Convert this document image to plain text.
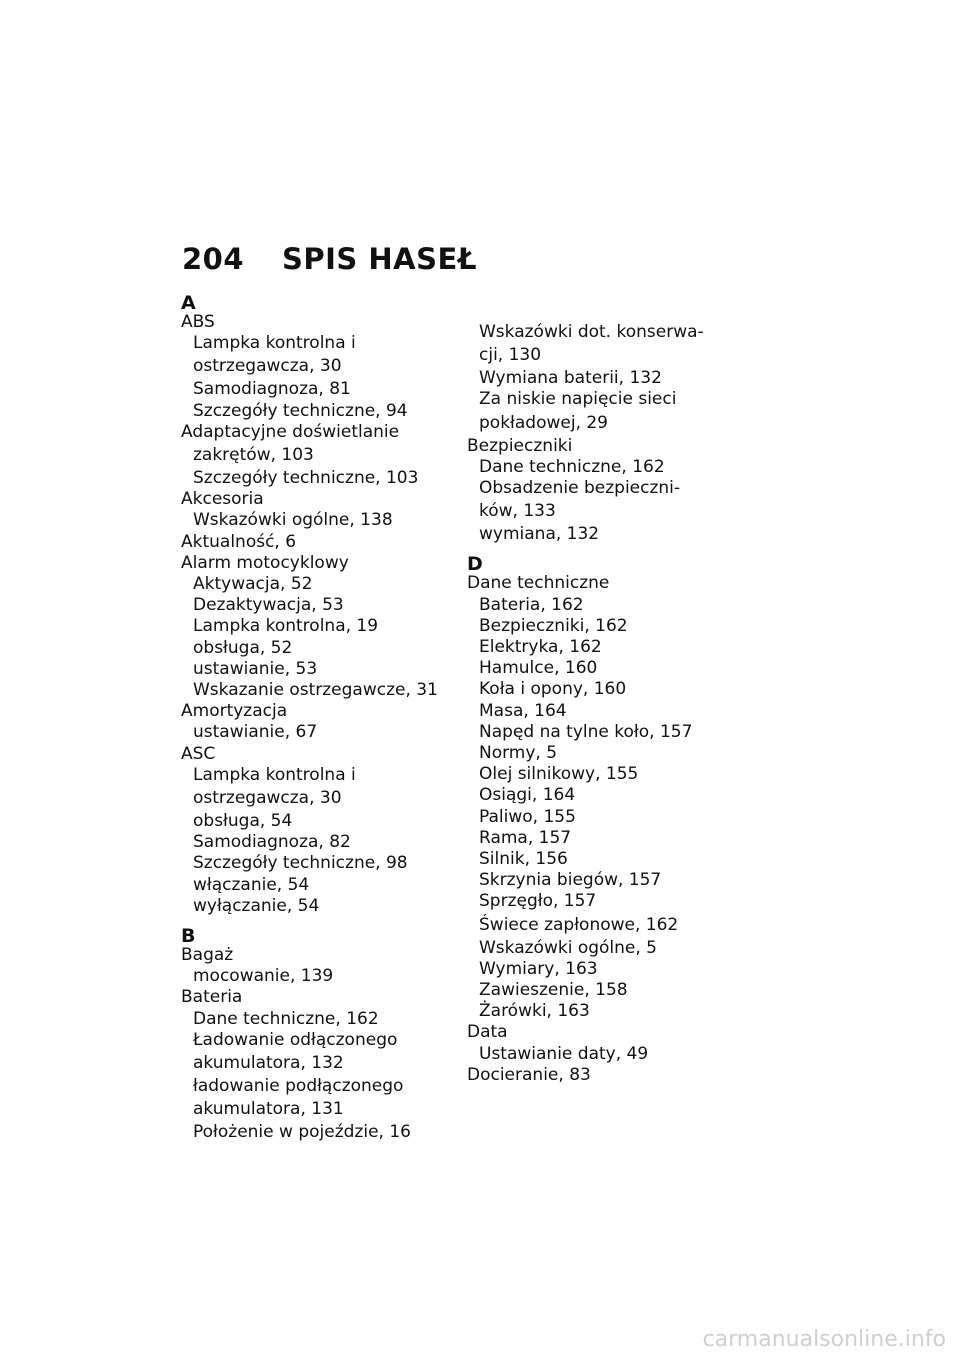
204	SPIS HASEŁ
A
ABS
Lampka kontrolna i
ostrzegawcza, 30
Samodiagnoza, 81
Szczegóły techniczne, 94
Adaptacyjne doświetlanie
zakrętów, 103
Szczegóły techniczne, 103
Akcesoria
Wskazówki ogólne, 138
Aktualność, 6
Alarm motocyklowy
Aktywacja, 52
Dezaktywacja, 53
Lampka kontrolna, 19
obsługa, 52
ustawianie, 53
Wskazanie ostrzegawcze, 31
Amortyzacja
ustawianie, 67
ASC
Lampka kontrolna i
ostrzegawcza, 30
obsługa, 54
Samodiagnoza, 82
Szczegóły techniczne, 98
włączanie, 54
wyłączanie, 54
B
Bagaż
mocowanie, 139
Bateria
Dane techniczne, 162
Ładowanie odłączonego
akumulatora, 132
ładowanie podłączonego
akumulatora, 131
Położenie w pojeździe, 16
Wskazówki dot. konserwa-
cji, 130
Wymiana baterii, 132
Za niskie napięcie sieci
pokładowej, 29
Bezpieczniki
Dane techniczne, 162
Obsadzenie bezpieczni-
ków, 133
wymiana, 132
D
Dane techniczne
Bateria, 162
Bezpieczniki, 162
Elektryka, 162
Hamulce, 160
Koła i opony, 160
Masa, 164
Napęd na tylne koło, 157
Normy, 5
Olej silnikowy, 155
Osiągi, 164
Paliwo, 155
Rama, 157
Silnik, 156
Skrzynia biegów, 157
Sprzęgło, 157
Świece zapłonowe, 162
Wskazówki ogólne, 5
Wymiary, 163
Zawieszenie, 158
Żarówki, 163
Data
Ustawianie daty, 49
Docieranie, 83
carmanualsonline.info
